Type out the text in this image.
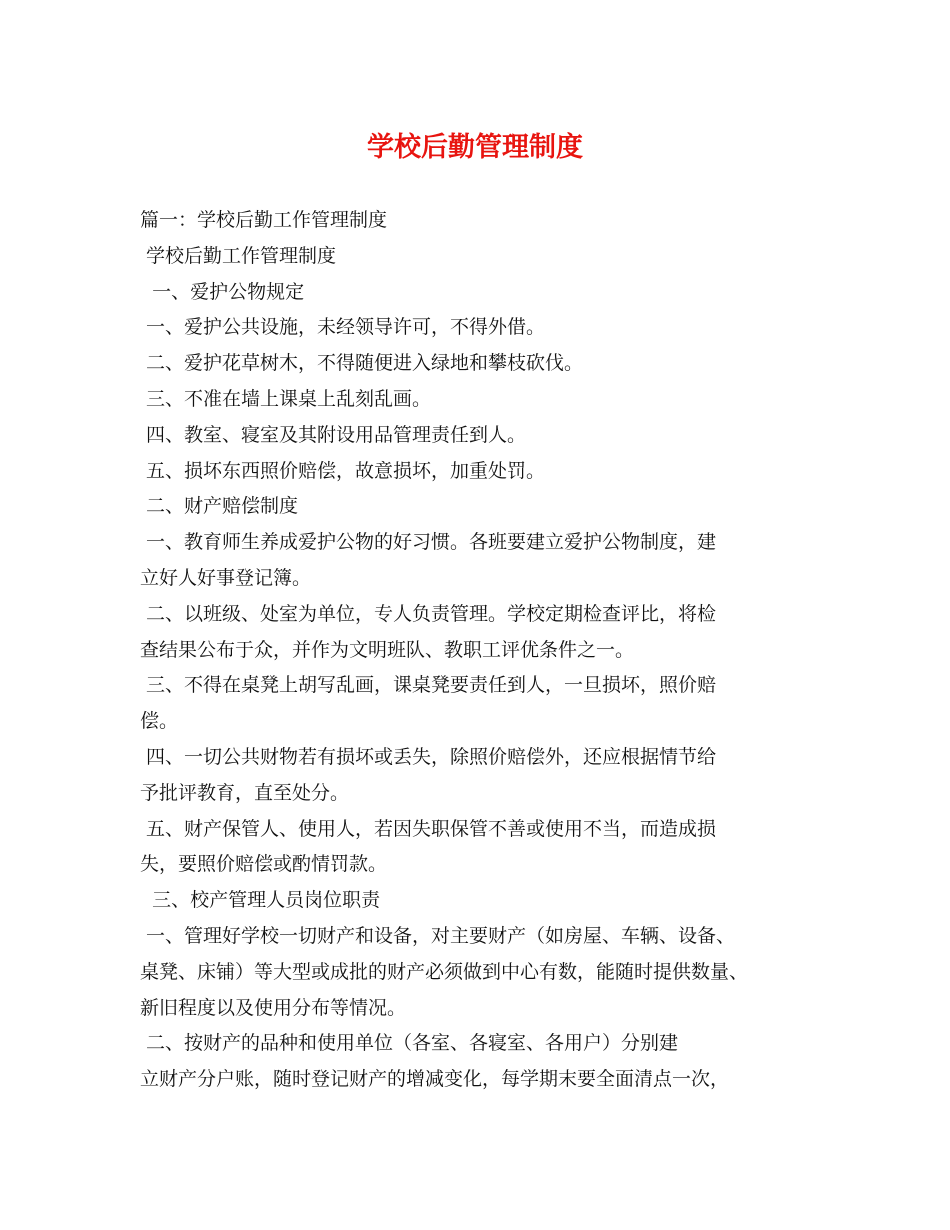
学校后勤管理制度
篇一：学校后勤工作管理制度
学校后勤工作管理制度
一、爱护公物规定
一、爱护公共设施，未经领导许可，不得外借。
二、爱护花草树木，不得随便进入绿地和攀枝砍伐。
三、不准在墙上课桌上乱刻乱画。
四、教室、寝室及其附设用品管理责任到人。
五、损坏东西照价赔偿，故意损坏，加重处罚。
二、财产赔偿制度
一、教育师生养成爱护公物的好习惯。各班要建立爱护公物制度，建
立好人好事登记簿。
二、以班级、处室为单位，专人负责管理。学校定期检查评比，将检
查结果公布于众，并作为文明班队、教职工评优条件之一。
三、不得在桌凳上胡写乱画，课桌凳要责任到人，一旦损坏，照价赔
偿。
四、一切公共财物若有损坏或丢失，除照价赔偿外，还应根据情节给
予批评教育，直至处分。
五、财产保管人、使用人，若因失职保管不善或使用不当，而造成损
失，要照价赔偿或酌情罚款。
三、校产管理人员岗位职责
一、管理好学校一切财产和设备，对主要财产（如房屋、车辆、设备、
桌凳、床铺）等大型或成批的财产必须做到中心有数，能随时提供数量、
新旧程度以及使用分布等情况。
二、按财产的品种和使用单位（各室、各寝室、各用户）分别建
立财产分户账，随时登记财产的增减变化，每学期末要全面清点一次，
